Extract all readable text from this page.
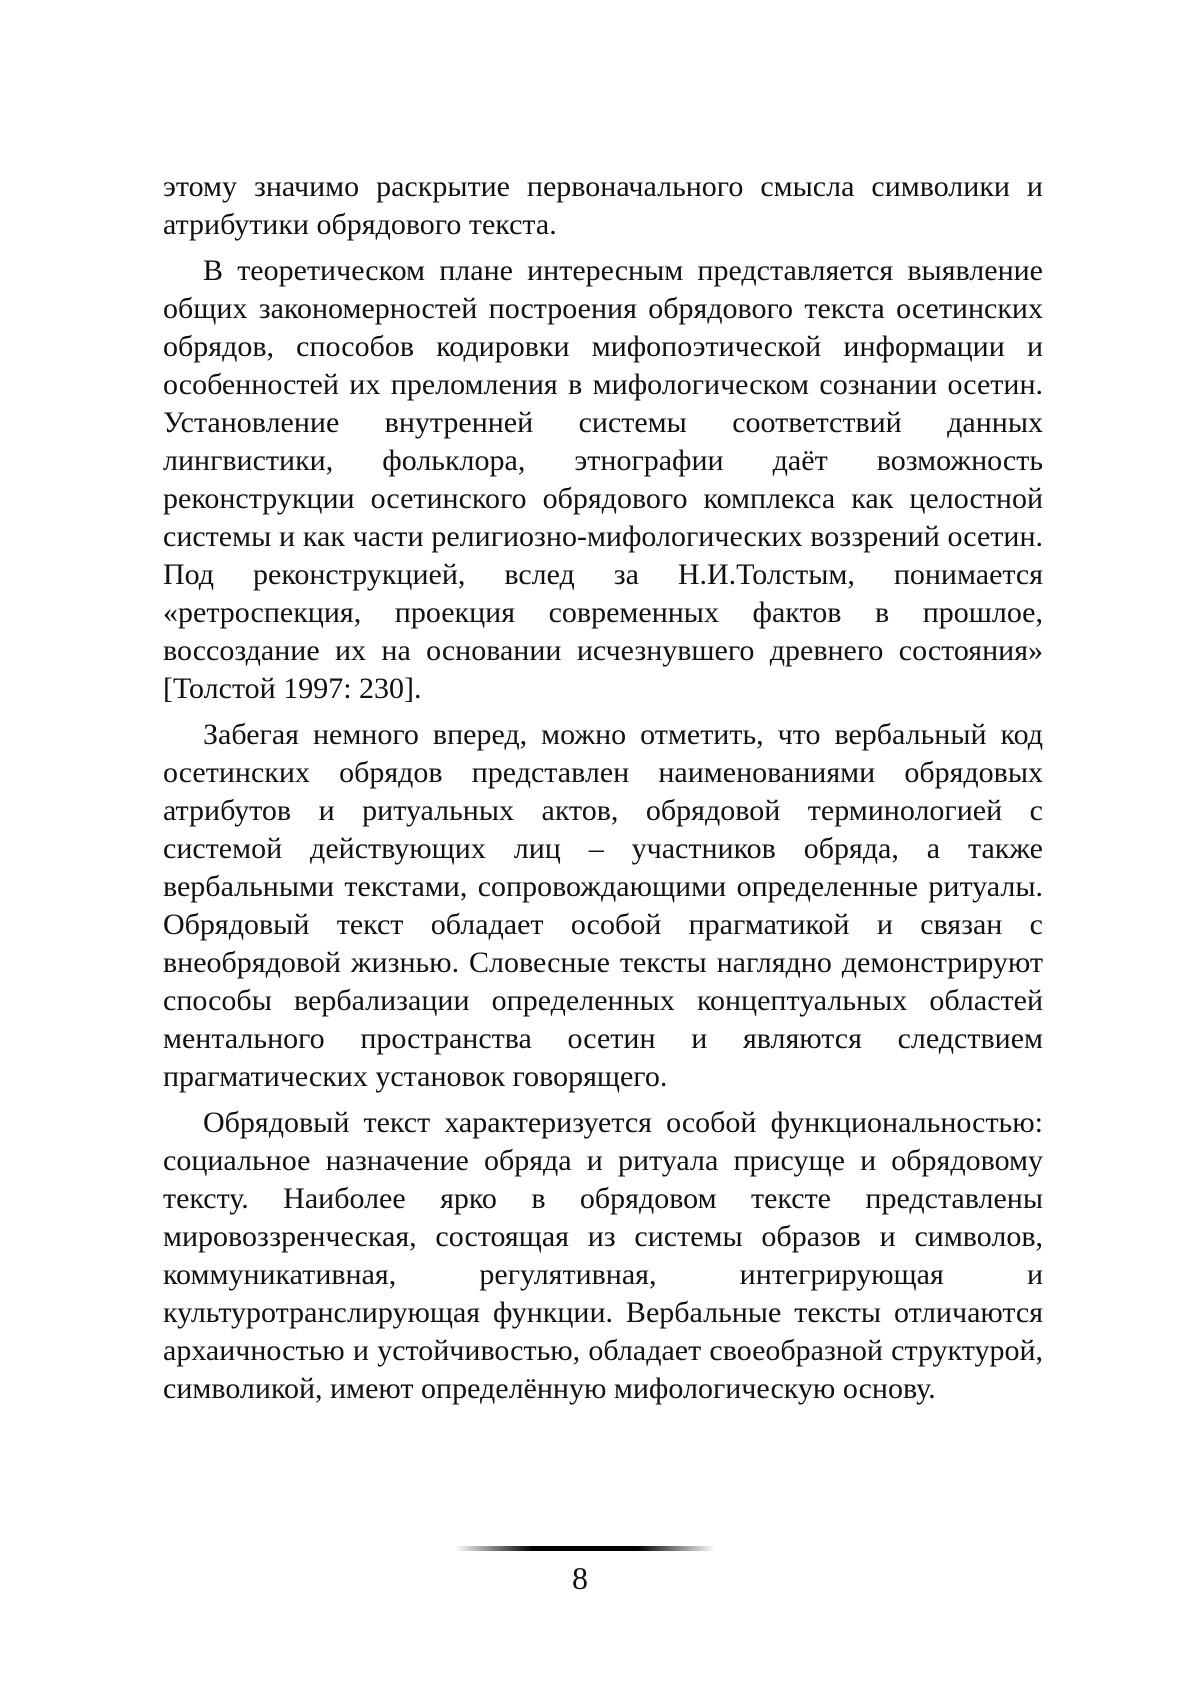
этому значимо раскрытие первоначального смысла символики и атрибутики обрядового текста.

В теоретическом плане интересным представляется выявление общих закономерностей построения обрядового текста осетинских обрядов, способов кодировки мифопоэтической информации и особенностей их преломления в мифологическом сознании осетин. Установление внутренней системы соответствий данных лингвистики, фольклора, этнографии даёт возможность реконструкции осетинского обрядового комплекса как целостной системы и как части религиозно-мифологических воззрений осетин. Под реконструкцией, вслед за Н.И.Толстым, понимается «ретроспекция, проекция современных фактов в прошлое, воссоздание их на основании исчезнувшего древнего состояния» [Толстой 1997: 230].

Забегая немного вперед, можно отметить, что вербальный код осетинских обрядов представлен наименованиями обрядовых атрибутов и ритуальных актов, обрядовой терминологией с системой действующих лиц – участников обряда, а также вербальными текстами, сопровождающими определенные ритуалы. Обрядовый текст обладает особой прагматикой и связан с внеобрядовой жизнью. Словесные тексты наглядно демонстрируют способы вербализации определенных концептуальных областей ментального пространства осетин и являются следствием прагматических установок говорящего.

Обрядовый текст характеризуется особой функциональностью: социальное назначение обряда и ритуала присуще и обрядовому тексту. Наиболее ярко в обрядовом тексте представлены мировоззренческая, состоящая из системы образов и символов, коммуникативная, регулятивная, интегрирующая и культуротранслирующая функции. Вербальные тексты отличаются архаичностью и устойчивостью, обладает своеобразной структурой, символикой, имеют определённую мифологическую основу.

8
